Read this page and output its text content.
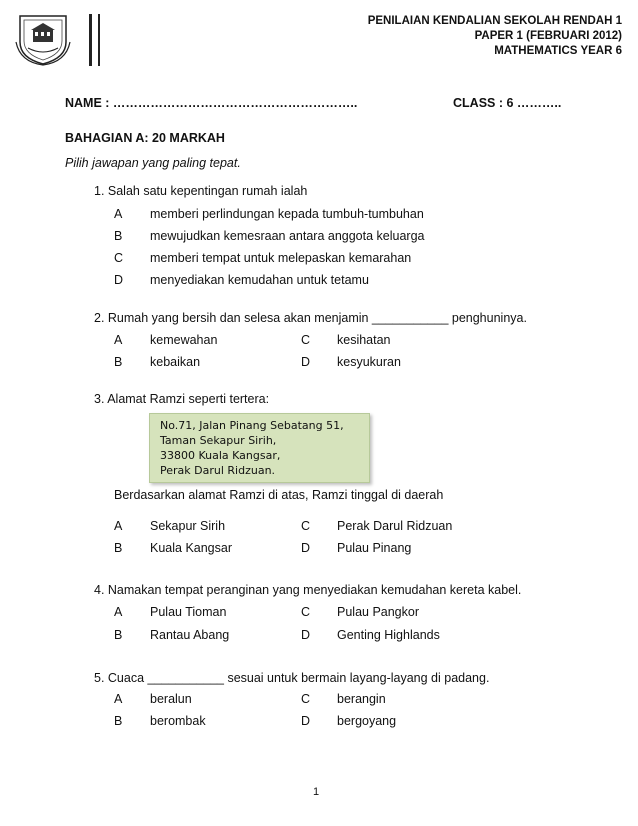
PENILAIAN KENDALIAN SEKOLAH RENDAH 1
PAPER 1 (FEBRUARI 2012)
MATHEMATICS YEAR 6
NAME : …………………………………………………..	CLASS : 6 ………..
BAHAGIAN A: 20 MARKAH
Pilih jawapan yang paling tepat.
1. Salah satu kepentingan rumah ialah
A memberi perlindungan kepada tumbuh-tumbuhan
B mewujudkan kemesraan antara anggota keluarga
C memberi tempat untuk melepaskan kemarahan
D menyediakan kemudahan untuk tetamu
2. Rumah yang bersih dan selesa akan menjamin ___________ penghuninya.
A kemewahan	C kesihatan
B kebaikan	D kesyukuran
3. Alamat Ramzi seperti tertera:
No.71, Jalan Pinang Sebatang 51,
Taman Sekapur Sirih,
33800 Kuala Kangsar,
Perak Darul Ridzuan.
Berdasarkan alamat Ramzi di atas, Ramzi tinggal di daerah
A Sekapur Sirih	C Perak Darul Ridzuan
B Kuala Kangsar	D Pulau Pinang
4. Namakan tempat peranginan yang menyediakan kemudahan kereta kabel.
A Pulau Tioman	C Pulau Pangkor
B Rantau Abang	D Genting Highlands
5. Cuaca ___________ sesuai untuk bermain layang-layang di padang.
A beralun	C berangin
B berombak	D bergoyang
1
